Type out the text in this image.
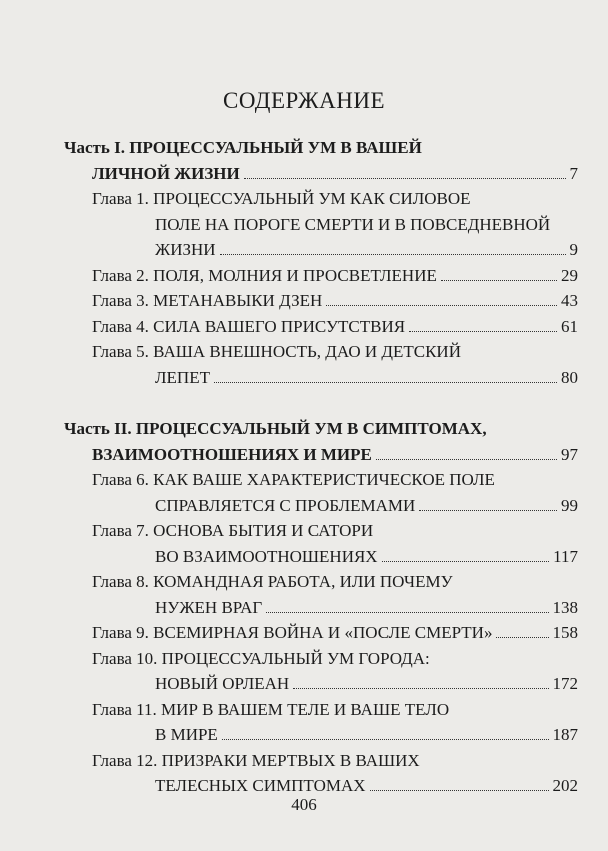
СОДЕРЖАНИЕ
Часть I. ПРОЦЕССУАЛЬНЫЙ УМ В ВАШЕЙ
ЛИЧНОЙ ЖИЗНИ	7
Глава 1. ПРОЦЕССУАЛЬНЫЙ УМ КАК СИЛОВОЕ
ПОЛЕ НА ПОРОГЕ СМЕРТИ И В ПОВСЕДНЕВНОЙ
ЖИЗНИ	9
Глава 2. ПОЛЯ, МОЛНИЯ И ПРОСВЕТЛЕНИЕ	29
Глава 3. МЕТАНАВЫКИ ДЗЕН	43
Глава 4. СИЛА ВАШЕГО ПРИСУТСТВИЯ	61
Глава 5. ВАША ВНЕШНОСТЬ, ДАО И ДЕТСКИЙ
ЛЕПЕТ	80
Часть II. ПРОЦЕССУАЛЬНЫЙ УМ В СИМПТОМАХ,
ВЗАИМООТНОШЕНИЯХ И МИРЕ	97
Глава 6. КАК ВАШЕ ХАРАКТЕРИСТИЧЕСКОЕ ПОЛЕ
СПРАВЛЯЕТСЯ С ПРОБЛЕМАМИ	99
Глава 7. ОСНОВА БЫТИЯ И САТОРИ
ВО ВЗАИМООТНОШЕНИЯХ	117
Глава 8. КОМАНДНАЯ РАБОТА, ИЛИ ПОЧЕМУ
НУЖЕН ВРАГ	138
Глава 9. ВСЕМИРНАЯ ВОЙНА И «ПОСЛЕ СМЕРТИ»	158
Глава 10. ПРОЦЕССУАЛЬНЫЙ УМ ГОРОДА:
НОВЫЙ ОРЛЕАН	172
Глава 11. МИР В ВАШЕМ ТЕЛЕ И ВАШЕ ТЕЛО
В МИРЕ	187
Глава 12. ПРИЗРАКИ МЕРТВЫХ В ВАШИХ
ТЕЛЕСНЫХ СИМПТОМАХ	202
406
